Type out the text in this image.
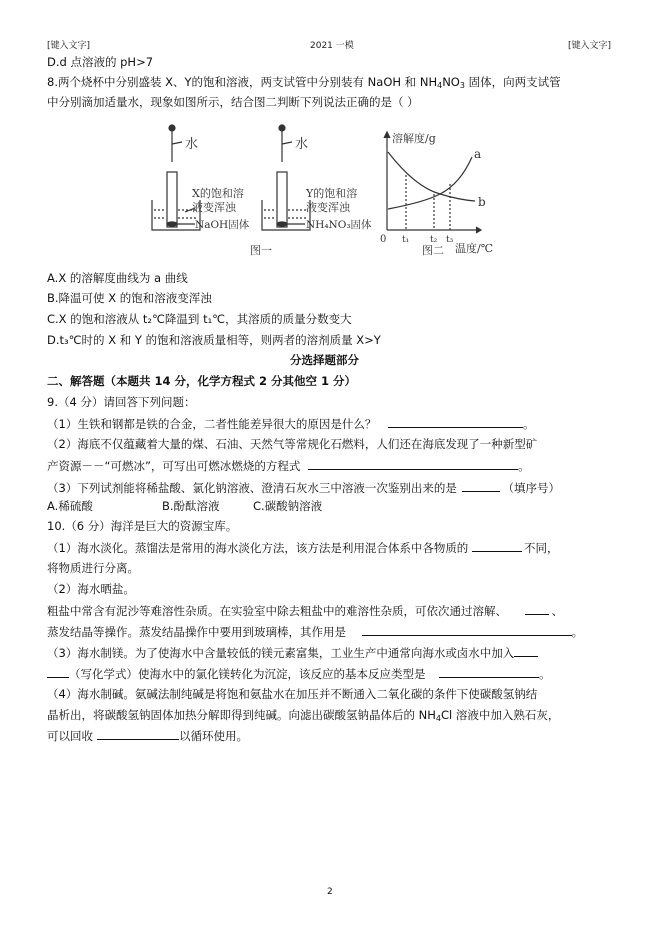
[键入文字]	2021 一模	[键入文字]
D.d 点溶液的 pH>7
8.两个烧杯中分别盛装 X、Y的饱和溶液，两支试管中分别装有 NaOH 和 $NH_4NO_3$ 固体，向两支试管
中分别滴加适量水，现象如图所示，结合图二判断下列说法正确的是（ ）
水
X的饱和溶
液变浑浊
NaOH固体
水
Y的饱和溶
液变浑浊
NH₄NO₃固体
图一
溶解度/g
温度/℃
0 t₁ t₂ t₃
a
b
图二
A.X 的溶解度曲线为 a 曲线
B.降温可使 X 的饱和溶液变浑浊
C.X 的饱和溶液从 t₂℃降温到 t₁℃，其溶质的质量分数变大
D.t₃℃时的 X 和 Y 的饱和溶液质量相等，则两者的溶剂质量 X>Y
分选择题部分
二、解答题（本题共 14 分，化学方程式 2 分其他空 1 分）
9.（4 分）请回答下列问题：
（1）生铁和钢都是铁的合金，二者性能差异很大的原因是什么？	。
（2）海底不仅蕴藏着大量的煤、石油、天然气等常规化石燃料，人们还在海底发现了一种新型矿
产资源－－“可燃冰”，可写出可燃冰燃烧的方程式	。
（3）下列试剂能将稀盐酸、氯化钠溶液、澄清石灰水三中溶液一次鉴别出来的是	（填序号）
A.稀硫酸	B.酚酞溶液	C.碳酸钠溶液
10.（6 分）海洋是巨大的资源宝库。
（1）海水淡化。蒸馏法是常用的海水淡化方法，该方法是利用混合体系中各物质的	不同，
将物质进行分离。
（2）海水晒盐。
粗盐中常含有泥沙等难溶性杂质。在实验室中除去粗盐中的难溶性杂质，可依次通过溶解、	、
蒸发结晶等操作。蒸发结晶操作中要用到玻璃棒，其作用是	。
（3）海水制镁。为了使海水中含量较低的镁元素富集，工业生产中通常向海水或卤水中加入
（写化学式）使海水中的氯化镁转化为沉淀，该反应的基本反应类型是	。
（4）海水制碱。氨碱法制纯碱是将饱和氨盐水在加压并不断通入二氧化碳的条件下使碳酸氢钠结
晶析出，将碳酸氢钠固体加热分解即得到纯碱。向滤出碳酸氢钠晶体后的 $NH_4Cl$ 溶液中加入熟石灰，
可以回收	以循环使用。
2
